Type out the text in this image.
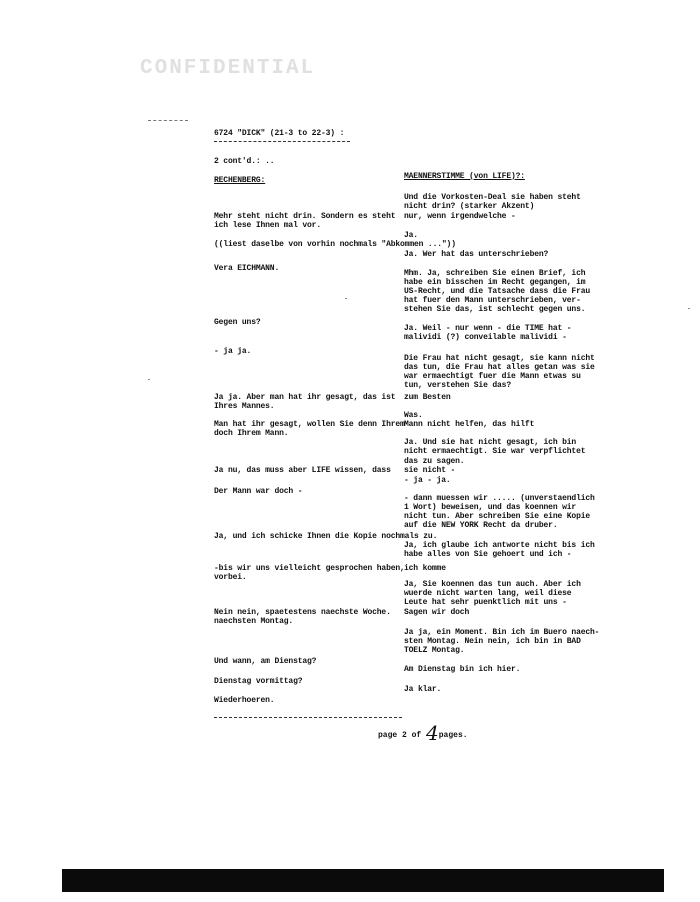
CONFIDENTIAL
6724 "DICK" (21-3 to 22-3) :
2 cont'd.: ..
RECHENBERG:	MAENNERSTIMME (von LIFE)?:
Mehr steht nicht drin. Sondern es steht
ich lese Ihnen mal vor.
((liest daselbe von vorhin nochmals "Abkommen ..."))
Vera EICHMANN.
Gegen uns?
- ja ja.
Ja ja. Aber man hat ihr gesagt, das ist
Ihres Mannes.
Man hat ihr gesagt, wollen Sie denn Ihrem
doch Ihrem Mann.
Ja nu, das muss aber LIFE wissen, dass
Der Mann war doch -
Ja, und ich schicke Ihnen die Kopie nochmals zu.
-bis wir uns vielleicht gesprochen haben,
vorbei.
Nein nein, spaetestens naechste Woche.
naechsten Montag.
Und wann, am Dienstag?
Dienstag vormittag?
Wiederhoeren.
Und die Vorkosten-Deal sie haben steht
nicht drin? (starker Akzent)
nur, wenn irgendwelche -
Ja.
Ja. Wer hat das unterschrieben?
Mhm. Ja, schreiben Sie einen Brief, ich
habe ein bisschen im Recht gegangen, im
US-Recht, und die Tatsache dass die Frau
hat fuer den Mann unterschrieben, ver-
stehen Sie das, ist schlecht gegen uns.
Ja. Weil - nur wenn - die TIME hat -
malividi (?) conveilable malividi -
Die Frau hat nicht gesagt, sie kann nicht
das tun, die Frau hat alles getan was sie
war ermaechtigt fuer die Mann etwas su
tun, verstehen Sie das?
zum Besten
Was.
Mann nicht helfen, das hilft
Ja. Und sie hat nicht gesagt, ich bin
nicht ermaechtigt. Sie war verpflichtet
das zu sagen.
sie nicht -
- ja - ja.
- dann muessen wir ..... (unverstaendlich
1 Wort) beweisen, und das koennen wir
nicht tun. Aber schreiben Sie eine Kopie
auf die NEW YORK Recht da druber.
Ja, ich glaube ich antworte nicht bis ich
habe alles von Sie gehoert und ich -
ich komme
Ja, Sie koennen das tun auch. Aber ich
wuerde nicht warten lang, weil diese
Leute hat sehr puenktlich mit uns -
Sagen wir doch
Ja ja, ein Moment. Bin ich im Buero naech-
sten Montag. Nein nein, ich bin in BAD
TOELZ Montag.
Am Dienstag bin ich hier.
Ja klar.
page 2 of 4pages.
